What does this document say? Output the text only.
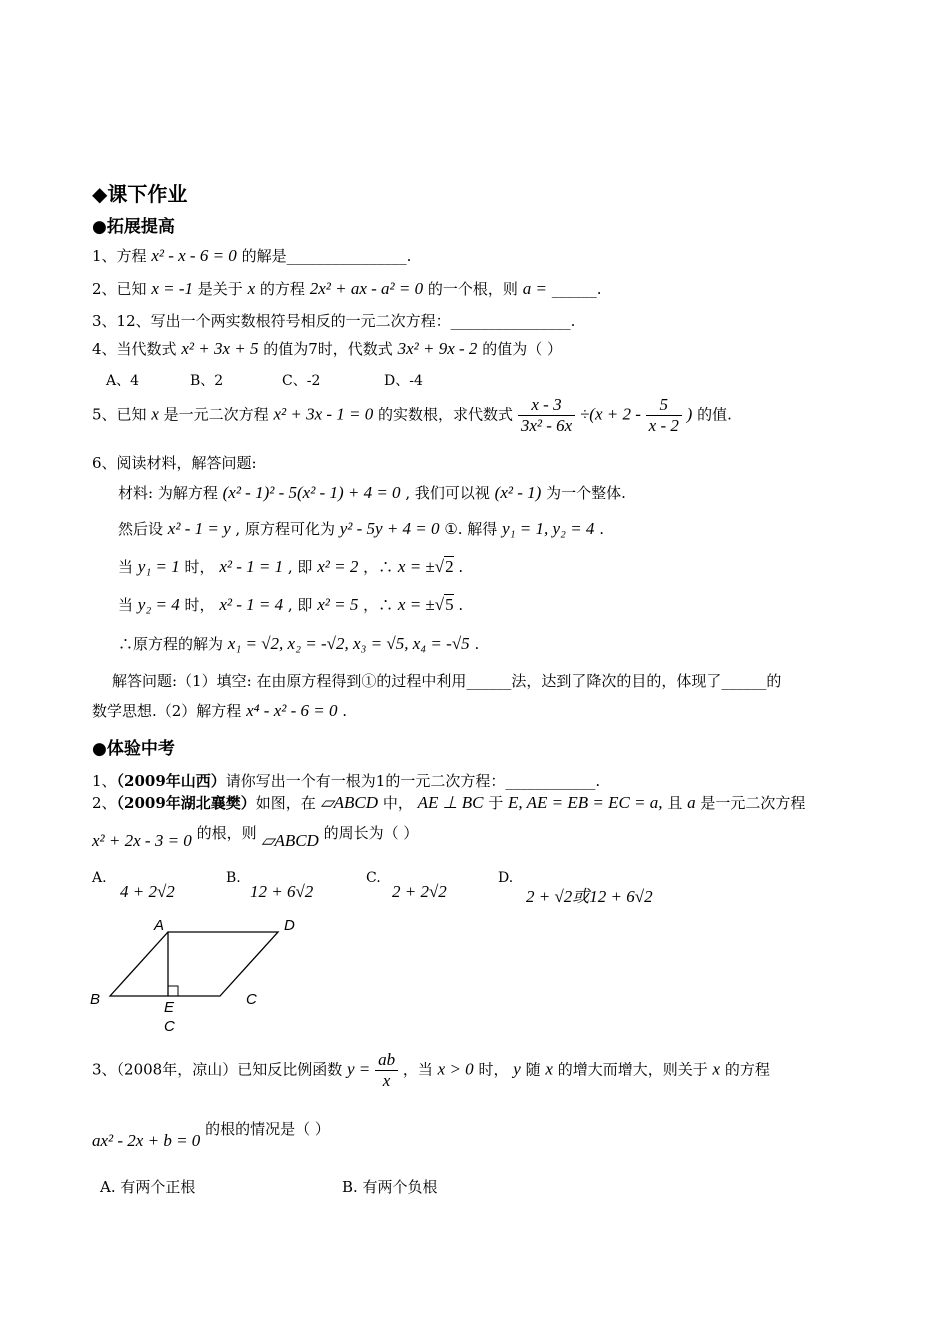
◆课下作业
●拓展提高
1、方程 x² - x - 6 = 0 的解是________________.
2、已知 x = -1 是关于 x 的方程 2x² + ax - a² = 0 的一个根，则 a = ______.
3、12、写出一个两实数根符号相反的一元二次方程：________________.
4、当代数式 x² + 3x + 5 的值为7时，代数式 3x² + 9x - 2 的值为（ ）
A、4	B、2	C、-2	D、-4
5、已知 x 是一元二次方程 x² + 3x - 1 = 0 的实数根，求代数式 $\frac{x - 3}{\text{3x² - 6x}} \div(x + 2 - \frac{5}{x - 2}$ ) 的值.
6、阅读材料，解答问题:
材料: 为解方程 (x² - 1)² - 5(x² - 1) + 4 = 0 , 我们可以视 (x² - 1) 为一个整体.
然后设 x² - 1 = y , 原方程可化为 y² - 5y + 4 = 0 ①. 解得 y₁ = 1, y₂ = 4 .
当 y₁ = 1 时， x² - 1 = 1 , 即 x² = 2 ，∴ x = ±√2 .
当 y₂ = 4 时， x² - 1 = 4 , 即 x² = 5 ，∴ x = ±√5 .
∴原方程的解为 x₁ = √2, x₂ = -√2, x₃ = √5, x₄ = -√5 .
解答问题:（1）填空: 在由原方程得到①的过程中利用______法，达到了降次的目的，体现了______的
数学思想.（2）解方程 x⁴ - x² - 6 = 0 .
●体验中考
1、（2009年山西）请你写出一个有一根为1的一元二次方程：____________.
2、（2009年湖北襄樊）如图，在 ▱ABCD 中， AE ⊥ BC 于 E, AE = EB = EC = a, 且 a 是一元二次方程
x² + 2x - 3 = 0 的根，则 ▱ABCD 的周长为（ ）
A.
4 + 2√2
B.
12 + 6√2
C.
2 + 2√2
D.
2 + √2或12 + 6√2
A	D
B	C
E
C
3、（2008年，凉山）已知反比例函数 $y = \frac{ab}{x}$ ，当 x > 0 时， y 随 x 的增大而增大，则关于 x 的方程
ax² - 2x + b = 0 的根的情况是（ ）
A. 有两个正根	B. 有两个负根
